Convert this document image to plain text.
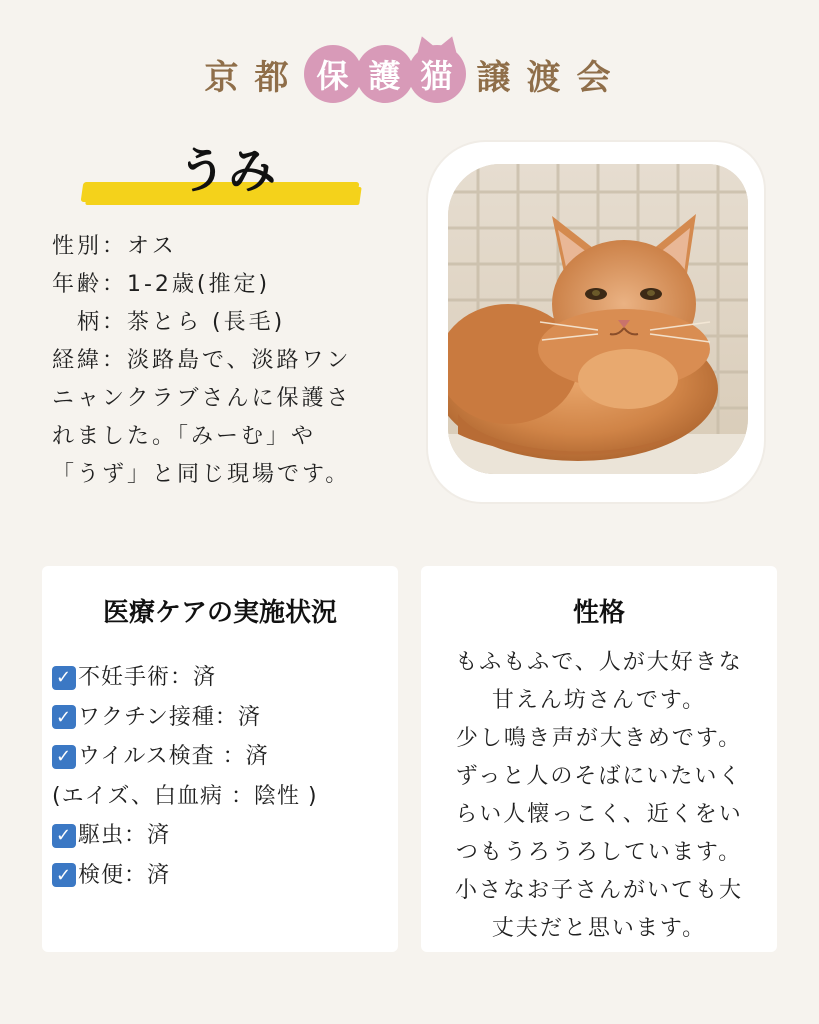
京 都 保 護 猫 譲 渡 会
うみ

性別：オス

年齢：1-2歳(推定)

　柄：茶とら (長毛)

経緯：淡路島で、淡路ワン

ニャンクラブさんに保護さ

れました。「みーむ」や

「うず」と同じ現場です。

医療ケアの実施状況
✓ 不妊手術：済
✓ ワクチン接種：済
✓ ウイルス検査 ：済
(エイズ、白血病 ：陰性 )
✓ 駆虫：済
✓ 検便：済
性格

もふもふで、人が大好きな

甘えん坊さんです。

少し鳴き声が大きめです。

ずっと人のそばにいたいく

らい人懐っこく、近くをい

つもうろうろしています。

小さなお子さんがいても大

丈夫だと思います。
